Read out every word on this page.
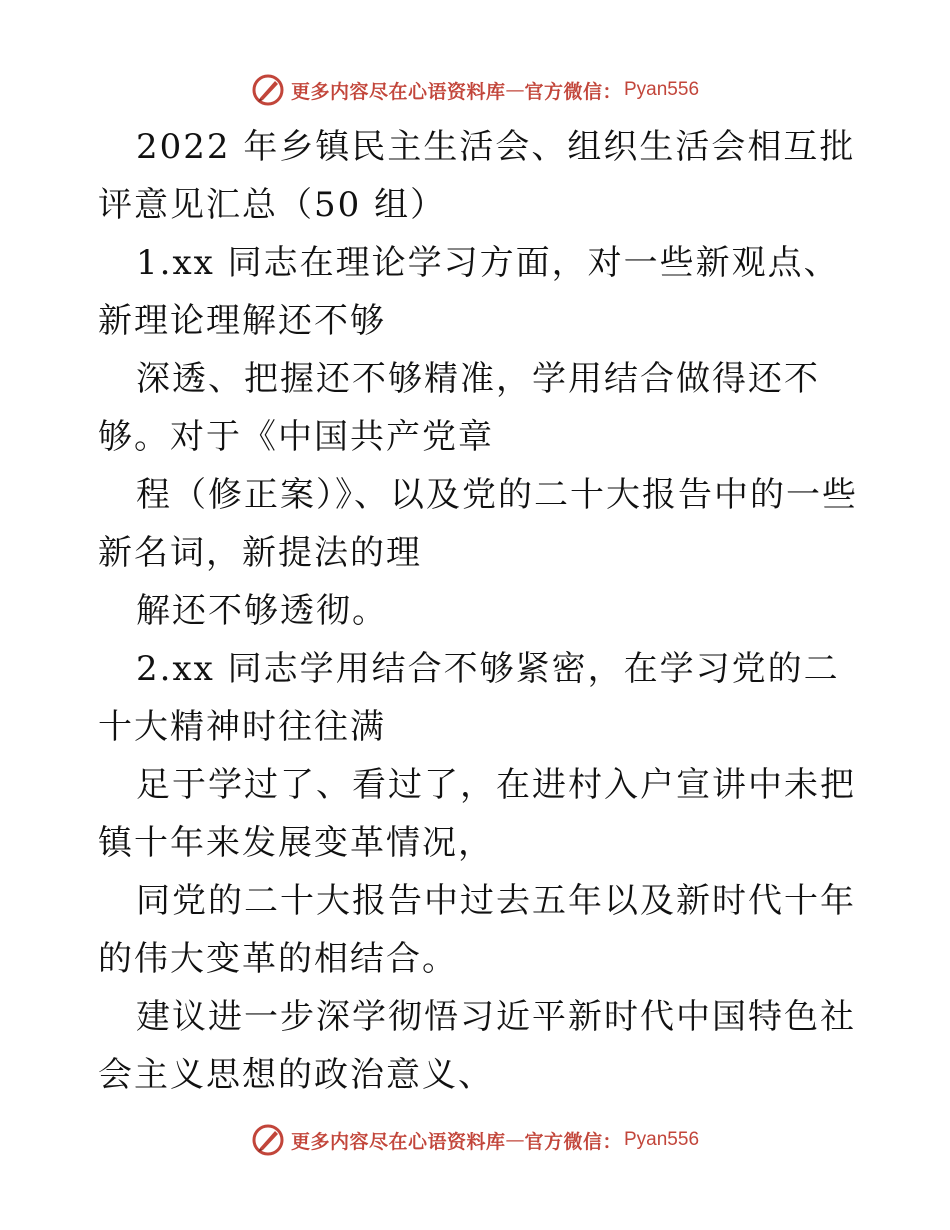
更多内容尽在心语资料库 — 官方微信： Pyan556

2022 年乡镇民主生活会、组织生活会相互批评意见汇总（50 组）

1.xx 同志在理论学习方面，对一些新观点、新理论理解还不够

深透、把握还不够精准，学用结合做得还不够。对于《中国共产党章

程（修正案）》、以及党的二十大报告中的一些新名词，新提法的理

解还不够透彻。

2.xx 同志学用结合不够紧密，在学习党的二十大精神时往往满

足于学过了、看过了，在进村入户宣讲中未把镇十年来发展变革情况，

同党的二十大报告中过去五年以及新时代十年的伟大变革的相结合。

建议进一步深学彻悟习近平新时代中国特色社会主义思想的政治意义、

更多内容尽在心语资料库 — 官方微信： Pyan556
